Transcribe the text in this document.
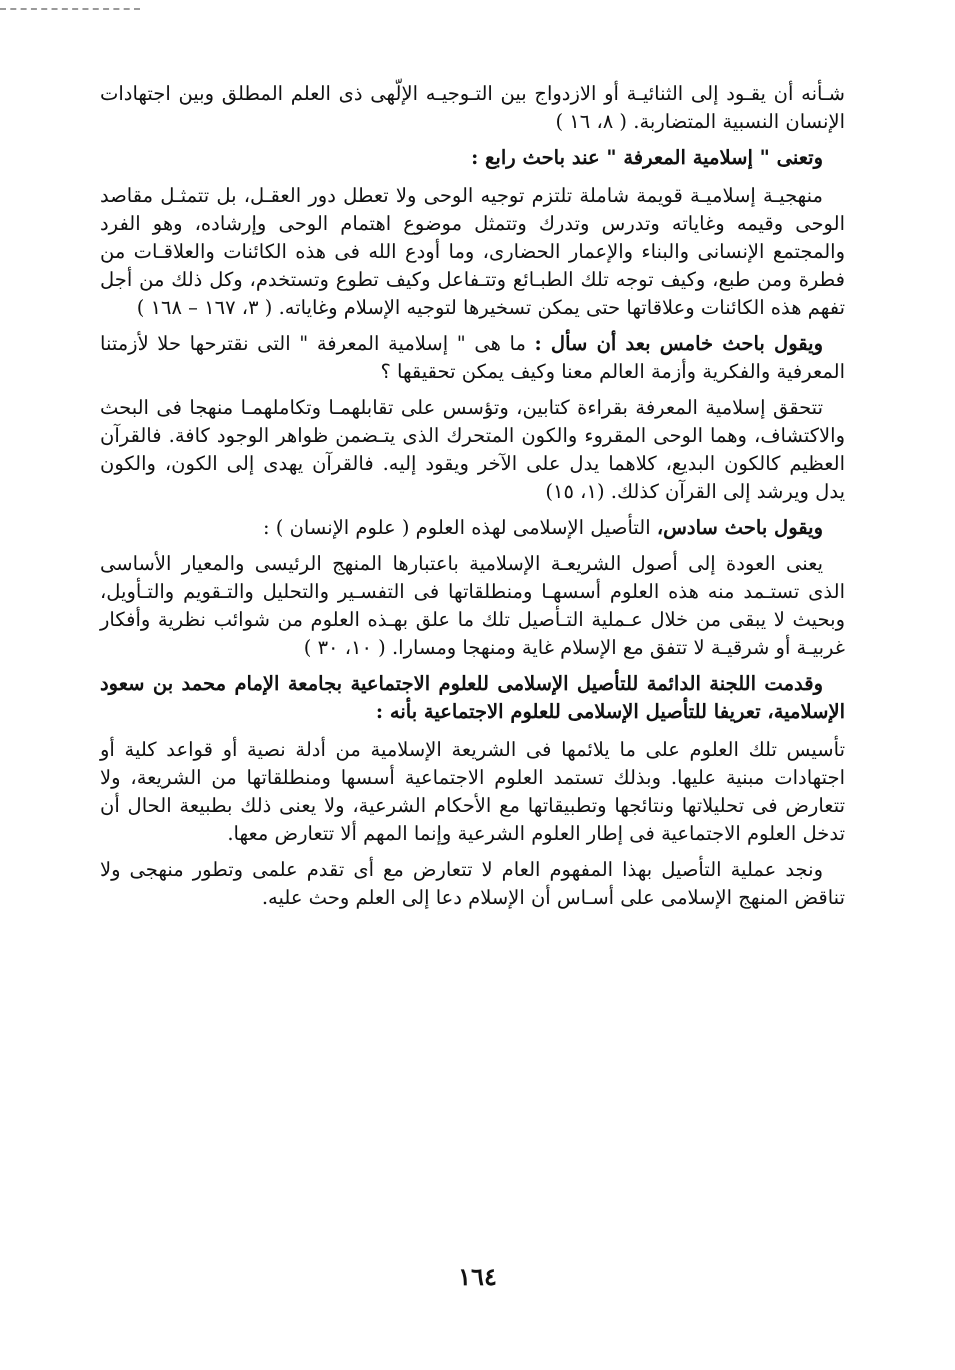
شـأنه أن يقـود إلى الثنائيـة أو الازدواج بين التـوجيـه الإلّهى ذى العلم المطلق وبين اجتهادات الإنسان النسبية المتضاربة. ( ٨، ١٦ )

وتعنى " إسلامية المعرفة " عند باحث رابع :

منهجيـة إسلاميـة قويمة شاملة تلتزم توجيه الوحى ولا تعطل دور العقـل، بل تتمثـل مقاصد الوحى وقيمه وغاياته وتدرس وتدرك وتتمثل موضوع اهتمام الوحى وإرشاده، وهو الفرد والمجتمع الإنسانى والبناء والإعمار الحضارى، وما أودع الله فى هذه الكائنات والعلاقـات من فطرة ومن طبع، وكيف توجه تلك الطبـائع وتتـفاعل وكيف تطوع وتستخدم، وكل ذلك من أجل تفهم هذه الكائنات وعلاقاتها حتى يمكن تسخيرها لتوجيه الإسلام وغاياته. ( ٣، ١٦٧ – ١٦٨ )

ويقول باحث خامس بعد أن سأل : ما هى " إسلامية المعرفة " التى نقترحها حلا لأزمتنا المعرفية والفكرية وأزمة العالم معنا وكيف يمكن تحقيقها ؟

تتحقق إسلامية المعرفة بقراءة كتابين، وتؤسس على تقابلهمـا وتكاملهمـا منهجا فى البحث والاكتشاف، وهما الوحى المقروء والكون المتحرك الذى يتـضمن ظواهر الوجود كافة. فالقرآن العظيم كالكون البديع، كلاهما يدل على الآخر ويقود إليه. فالقرآن يهدى إلى الكون، والكون يدل ويرشد إلى القرآن كذلك. (١، ١٥)

ويقول باحث سادس، التأصيل الإسلامى لهذه العلوم ( علوم الإنسان ) :

يعنى العودة إلى أصول الشريعـة الإسلامية باعتبارها المنهج الرئيسى والمعيار الأساسى الذى تستـمد منه هذه العلوم أسسهـا ومنطلقاتها فى التفسـير والتحليل والتـقويم والتـأويل، وبحيث لا يبقى من خلال عـملية التـأصيل تلك ما علق بهـذه العلوم من شوائب نظرية وأفكار غربيـة أو شرقيـة لا تتفق مع الإسلام غاية ومنهجا ومسارا. ( ١٠، ٣٠ )

وقدمت اللجنة الدائمة للتأصيل الإسلامى للعلوم الاجتماعية بجامعة الإمام محمد بن سعود الإسلامية، تعريفا للتأصيل الإسلامى للعلوم الاجتماعية بأنه :

تأسيس تلك العلوم على ما يلائمها فى الشريعة الإسلامية من أدلة نصية أو قواعد كلية أو اجتهادات مبنية عليها. وبذلك تستمد العلوم الاجتماعية أسسها ومنطلقاتها من الشريعة، ولا تتعارض فى تحليلاتها ونتائجها وتطبيقاتها مع الأحكام الشرعية، ولا يعنى ذلك بطبيعة الحال أن تدخل العلوم الاجتماعية فى إطار العلوم الشرعية وإنما المهم ألا تتعارض معها.

ونجد عملية التأصيل بهذا المفهوم العام لا تتعارض مع أى تقدم علمى وتطور منهجى ولا تناقض المنهج الإسلامى على أسـاس أن الإسلام دعا إلى العلم وحث عليه.

١٦٤
